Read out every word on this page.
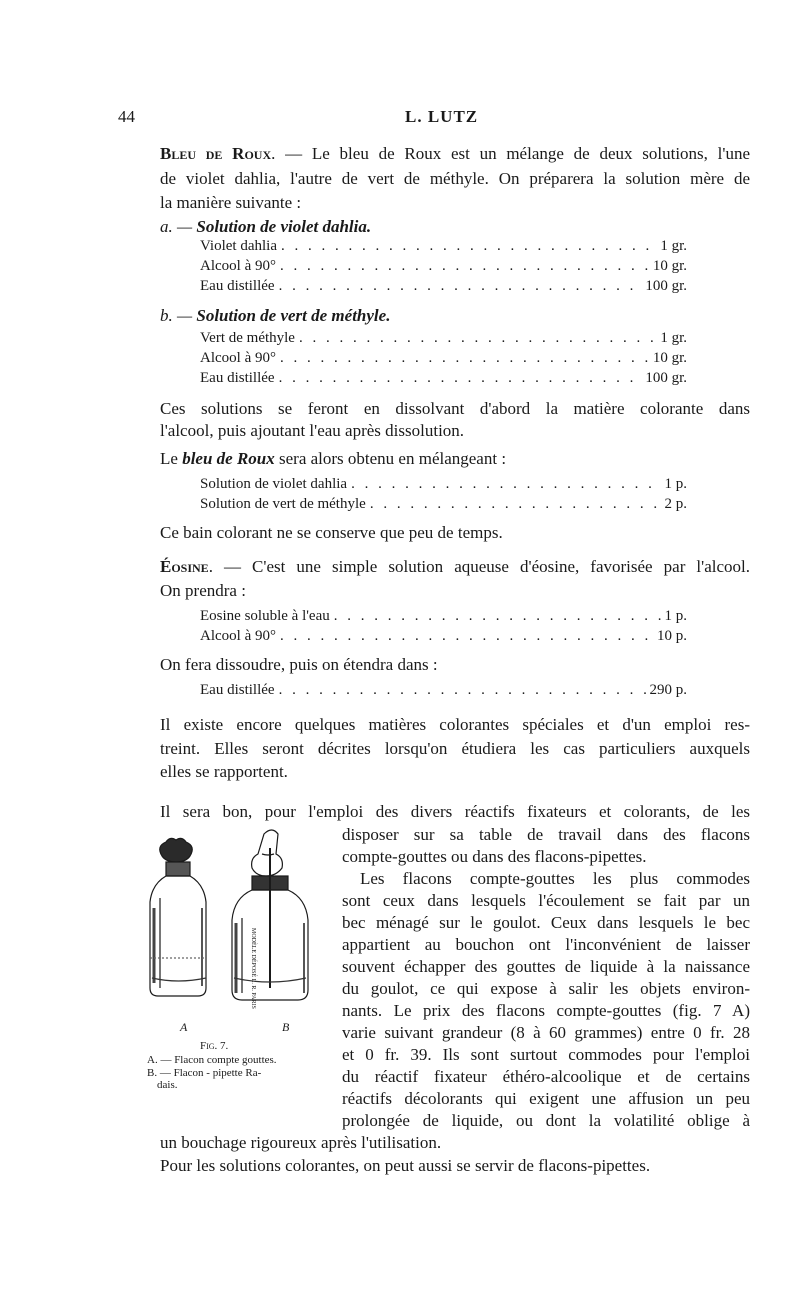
44	L. LUTZ
Bleu de Roux. — Le bleu de Roux est un mélange de deux solutions, l'une
de violet dahlia, l'autre de vert de méthyle. On préparera la solution mère de
la manière suivante :
a. — Solution de violet dahlia.
Violet dahlia . . .	1 gr.
Alcool à 90° . . .	10 gr.
Eau distillée . . .	100 gr.
b. — Solution de vert de méthyle.
Vert de méthyle . . .	1 gr.
Alcool à 90° . . .	10 gr.
Eau distillée . . .	100 gr.
Ces solutions se feront en dissolvant d'abord la matière colorante dans
l'alcool, puis ajoutant l'eau après dissolution.
Le bleu de Roux sera alors obtenu en mélangeant :
Solution de violet dahlia . . .	1 p.
Solution de vert de méthyle . . .	2 p.
Ce bain colorant ne se conserve que peu de temps.
Éosine. — C'est une simple solution aqueuse d'éosine, favorisée par l'alcool.
On prendra :
Eosine soluble à l'eau . . .	1 p.
Alcool à 90° . . .	10 p.
On fera dissoudre, puis on étendra dans :
Eau distillée . . .	290 p.
Il existe encore quelques matières colorantes spéciales et d'un emploi res-
treint. Elles seront décrites lorsqu'on étudiera les cas particuliers auxquels
elles se rapportent.
Il sera bon, pour l'emploi des divers réactifs fixateurs et colorants, de les
disposer sur sa table de travail dans des flacons
compte-gouttes ou dans des flacons-pipettes.
Les flacons compte-gouttes les plus commodes
sont ceux dans lesquels l'écoulement se fait par un
bec ménagé sur le goulot. Ceux dans lesquels le bec
appartient au bouchon ont l'inconvénient de laisser
souvent échapper des gouttes de liquide à la naissance
du goulot, ce qui expose à salir les objets environ-
nants. Le prix des flacons compte-gouttes (fig. 7 A)
varie suivant grandeur (8 à 60 grammes) entre 0 fr. 28
et 0 fr. 39. Ils sont surtout commodes pour l'emploi
du réactif fixateur éthéro-alcoolique et de certains
réactifs décolorants qui exigent une affusion un peu
prolongée de liquide, ou dont la volatilité oblige à
un bouchage rigoureux après l'utilisation.
Pour les solutions colorantes, on peut aussi se servir de flacons-pipettes.
MODÈLE DÉPOSÉ L. R. PARIS
A	B
Fig. 7.
A. — Flacon compte gouttes.
B. — Flacon - pipette Ra-
dais.
